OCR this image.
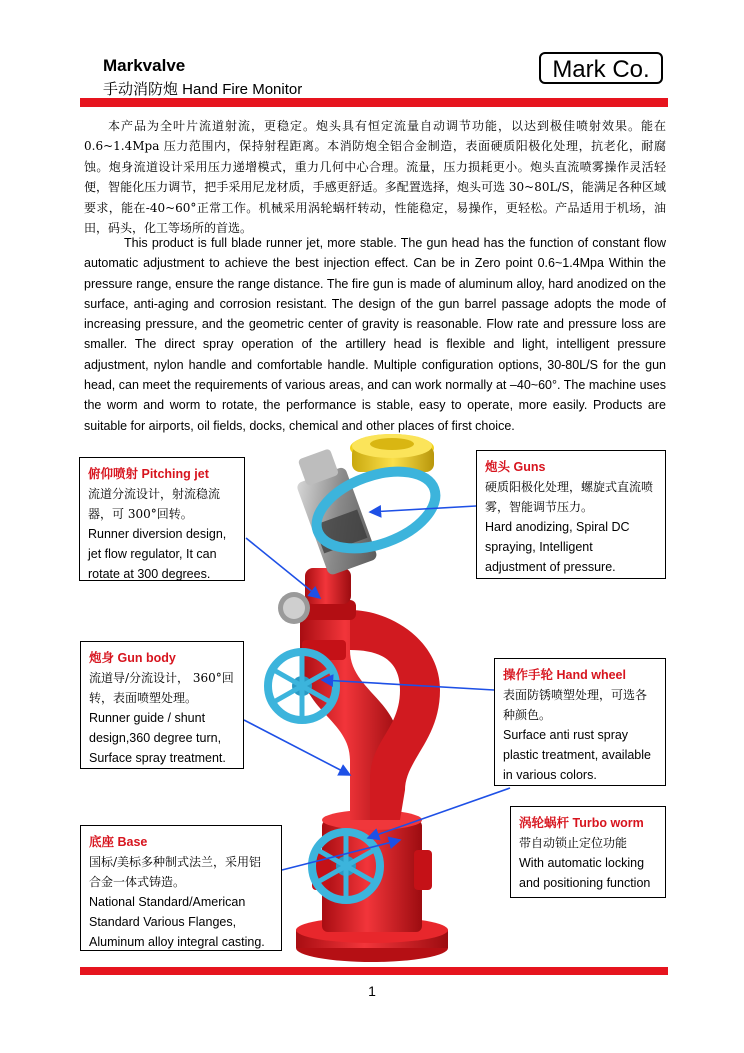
Markvalve
手动消防炮 Hand Fire Monitor
Mark Co.
本产品为全叶片流道射流，更稳定。炮头具有恒定流量自动调节功能，以达到极佳喷射效果。能在 0.6~1.4Mpa 压力范围内，保持射程距离。本消防炮全铝合金制造，表面硬质阳极化处理，抗老化，耐腐蚀。炮身流道设计采用压力递增模式，重力几何中心合理。流量，压力损耗更小。炮头直流喷雾操作灵活轻便，智能化压力调节，把手采用尼龙材质，手感更舒适。多配置选择，炮头可选 30~80L/S，能满足各种区域要求，能在-40~60°正常工作。机械采用涡轮蜗杆转动，性能稳定，易操作，更轻松。产品适用于机场，油田，码头，化工等场所的首选。
This product is full blade runner jet, more stable. The gun head has the function of constant flow automatic adjustment to achieve the best injection effect. Can be in Zero point 0.6~1.4Mpa Within the pressure range, ensure the range distance. The fire gun is made of aluminum alloy, hard anodized on the surface, anti-aging and corrosion resistant. The design of the gun barrel passage adopts the mode of increasing pressure, and the geometric center of gravity is reasonable. Flow rate and pressure loss are smaller. The direct spray operation of the artillery head is flexible and light, intelligent pressure adjustment, nylon handle and comfortable handle. Multiple configuration options, 30-80L/S for the gun head, can meet the requirements of various areas, and can work normally at –40~60°. The machine uses the worm and worm to rotate, the performance is stable, easy to operate, more easily. Products are suitable for airports, oil fields, docks, chemical and other places of first choice.
俯仰喷射 Pitching jet
流道分流设计，射流稳流器，可 300°回转。
Runner diversion design, jet flow regulator, It can rotate at 300 degrees.
炮头 Guns
硬质阳极化处理，螺旋式直流喷雾，智能调节压力。
Hard anodizing, Spiral DC spraying, Intelligent adjustment of pressure.
炮身 Gun body
流道导/分流设计， 360°回转，表面喷塑处理。
Runner guide / shunt design,360 degree turn, Surface spray treatment.
操作手轮 Hand wheel
表面防锈喷塑处理，可选各种颜色。
Surface anti rust spray plastic treatment, available in various colors.
涡轮蜗杆 Turbo worm
带自动锁止定位功能
With automatic locking and positioning function
底座 Base
国标/美标多种制式法兰，采用铝合金一体式铸造。
National Standard/American Standard Various Flanges, Aluminum alloy integral casting.
1
